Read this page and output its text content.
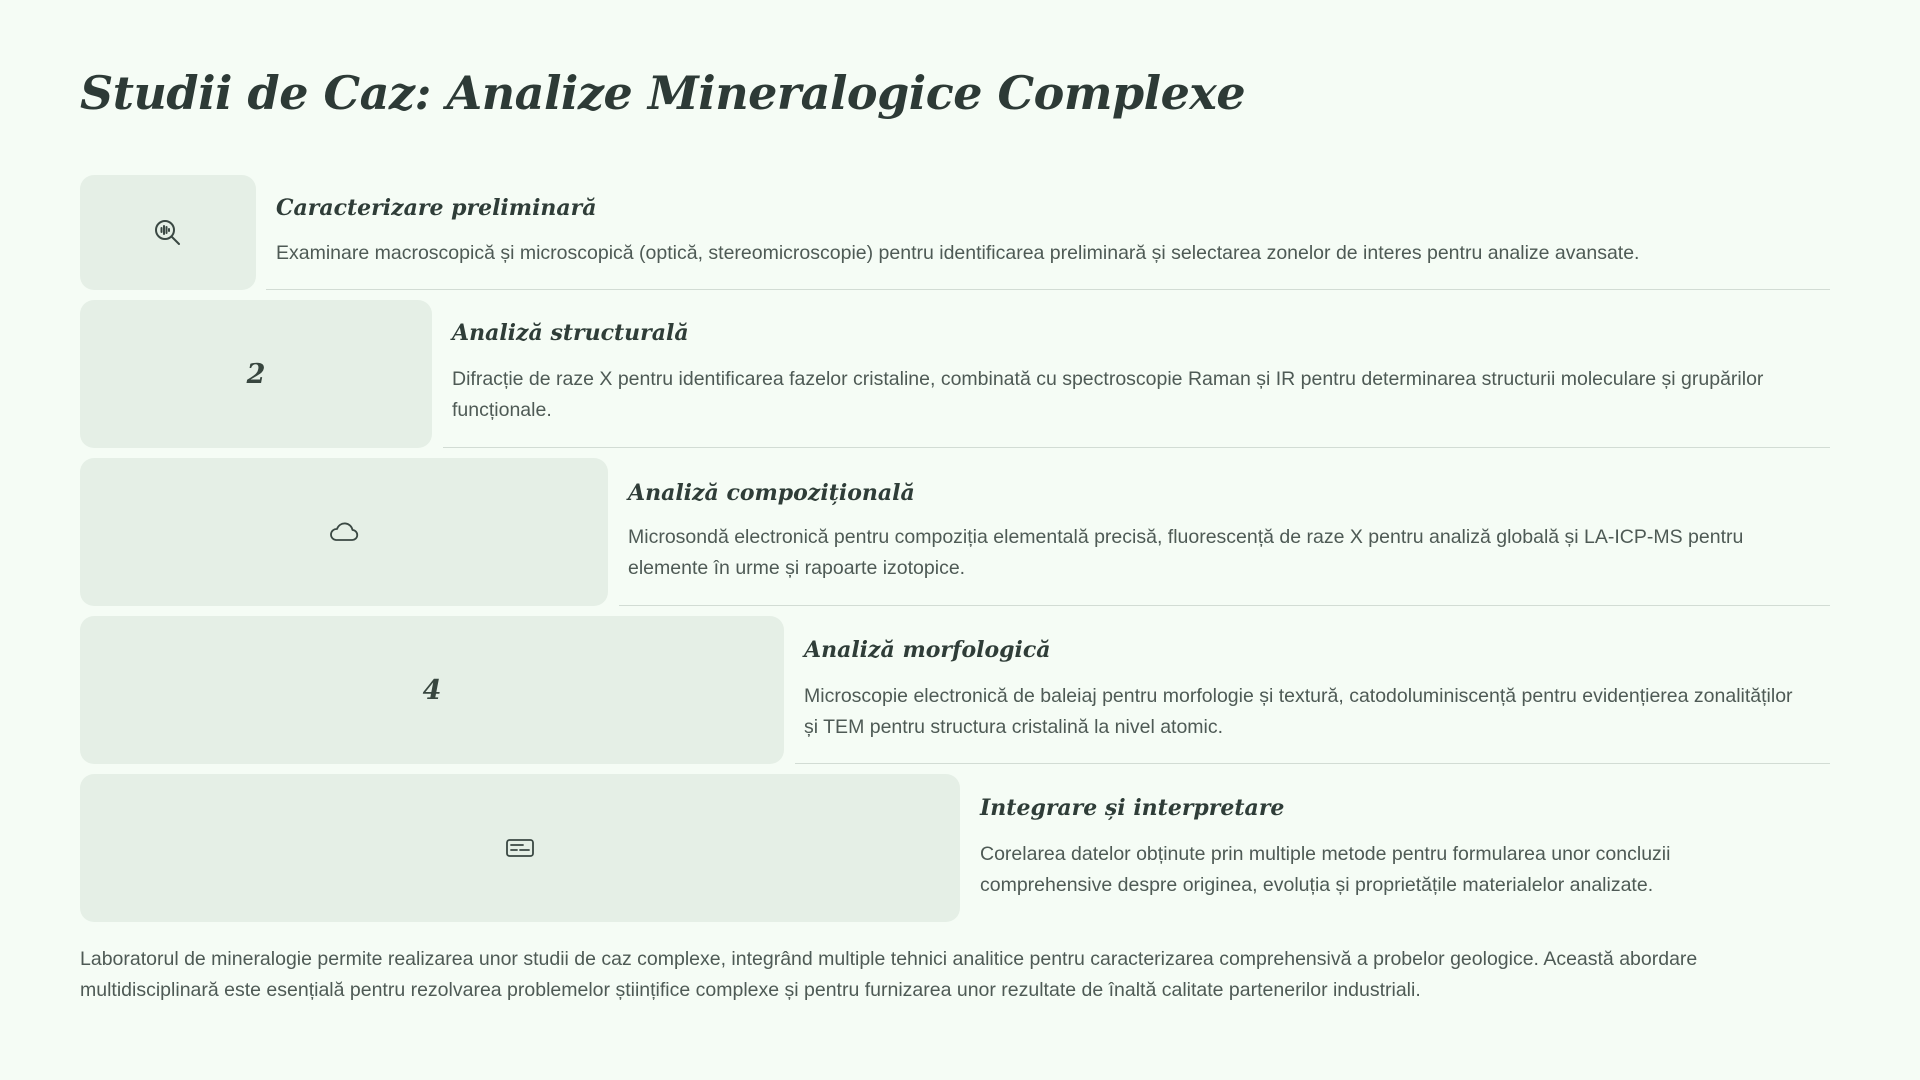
Studii de Caz: Analize Mineralogice Complexe
Caracterizare preliminară
Examinare macroscopică și microscopică (optică, stereomicroscopie) pentru identificarea preliminară și selectarea zonelor de interes pentru analize avansate.
2
Analiză structurală
Difracție de raze X pentru identificarea fazelor cristaline, combinată cu spectroscopie Raman și IR pentru determinarea structurii moleculare și grupărilor funcționale.
Analiză compozițională
Microsondă electronică pentru compoziția elementală precisă, fluorescență de raze X pentru analiză globală și LA-ICP-MS pentru elemente în urme și rapoarte izotopice.
4
Analiză morfologică
Microscopie electronică de baleiaj pentru morfologie și textură, catodoluminiscență pentru evidențierea zonalităților și TEM pentru structura cristalină la nivel atomic.
Integrare și interpretare
Corelarea datelor obținute prin multiple metode pentru formularea unor concluzii comprehensive despre originea, evoluția și proprietățile materialelor analizate.

Laboratorul de mineralogie permite realizarea unor studii de caz complexe, integrând multiple tehnici analitice pentru caracterizarea comprehensivă a probelor geologice. Această abordare multidisciplinară este esențială pentru rezolvarea problemelor științifice complexe și pentru furnizarea unor rezultate de înaltă calitate partenerilor industriali.
